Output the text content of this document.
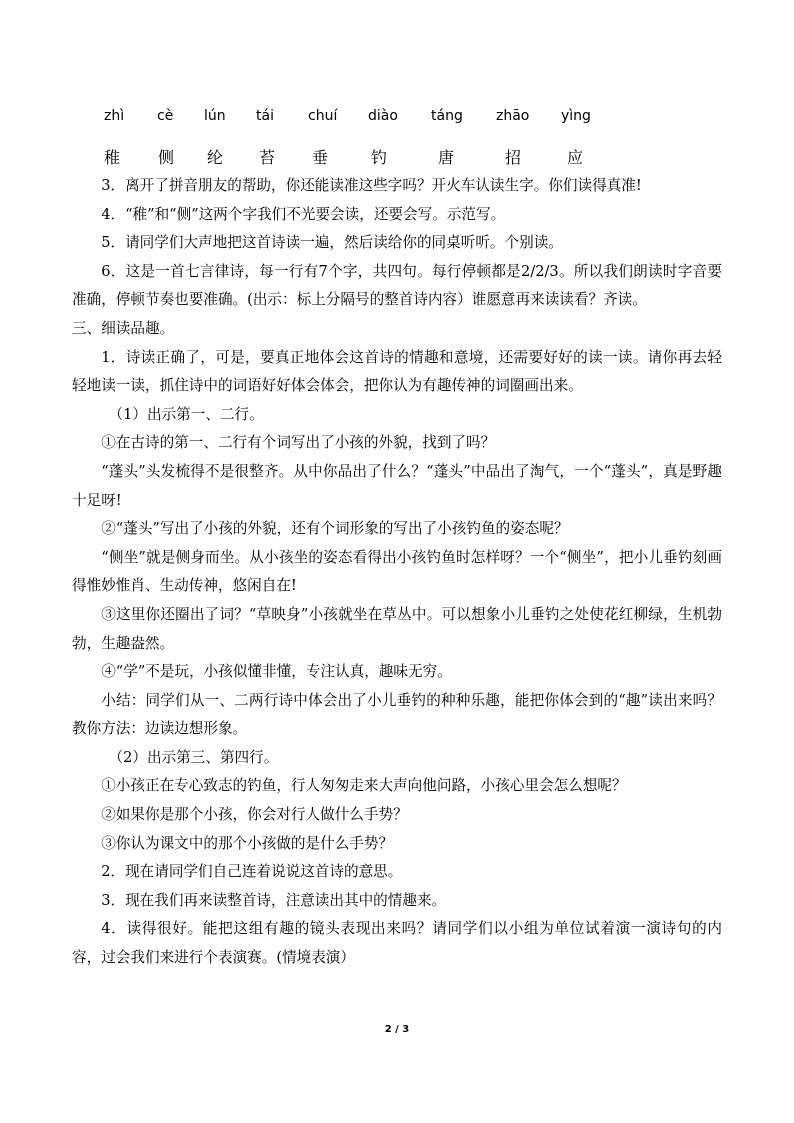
zhì cè lún tái chuí diào táng zhāo yìng
稚 侧 纶 苔 垂	钓	唐	招	应

3．离开了拼音朋友的帮助，你还能读准这些字吗？开火车认读生字。你们读得真准!

4．“稚”和“侧”这两个字我们不光要会读，还要会写。示范写。

5．请同学们大声地把这首诗读一遍，然后读给你的同桌听听。个别读。

6．这是一首七言律诗，每一行有7个字，共四句。每行停顿都是2/2/3。所以我们朗读时字音要准确，停顿节奏也要准确。(出示：标上分隔号的整首诗内容）谁愿意再来读读看？齐读。

三、细读品趣。

1．诗读正确了，可是，要真正地体会这首诗的情趣和意境，还需要好好的读一读。请你再去轻轻地读一读，抓住诗中的词语好好体会体会，把你认为有趣传神的词圈画出来。

（1）出示第一、二行。

①在古诗的第一、二行有个词写出了小孩的外貌，找到了吗？

“蓬头”头发梳得不是很整齐。从中你品出了什么？“蓬头”中品出了淘气，一个“蓬头”，真是野趣十足呀!

②“蓬头”写出了小孩的外貌，还有个词形象的写出了小孩钓鱼的姿态呢？

“侧坐”就是侧身而坐。从小孩坐的姿态看得出小孩钓鱼时怎样呀？一个“侧坐”，把小儿垂钓刻画得惟妙惟肖、生动传神，悠闲自在!

③这里你还圈出了词？“草映身”小孩就坐在草丛中。可以想象小儿垂钓之处使花红柳绿，生机勃勃，生趣盎然。

④“学”不是玩，小孩似懂非懂，专注认真，趣味无穷。

小结：同学们从一、二两行诗中体会出了小儿垂钓的种种乐趣，能把你体会到的“趣”读出来吗？教你方法：边读边想形象。

（2）出示第三、第四行。

①小孩正在专心致志的钓鱼，行人匆匆走来大声向他问路，小孩心里会怎么想呢？

②如果你是那个小孩，你会对行人做什么手势？

③你认为课文中的那个小孩做的是什么手势？

2．现在请同学们自己连着说说这首诗的意思。

3．现在我们再来读整首诗，注意读出其中的情趣来。

4．读得很好。能把这组有趣的镜头表现出来吗？请同学们以小组为单位试着演一演诗句的内容，过会我们来进行个表演赛。(情境表演）

2 / 3
